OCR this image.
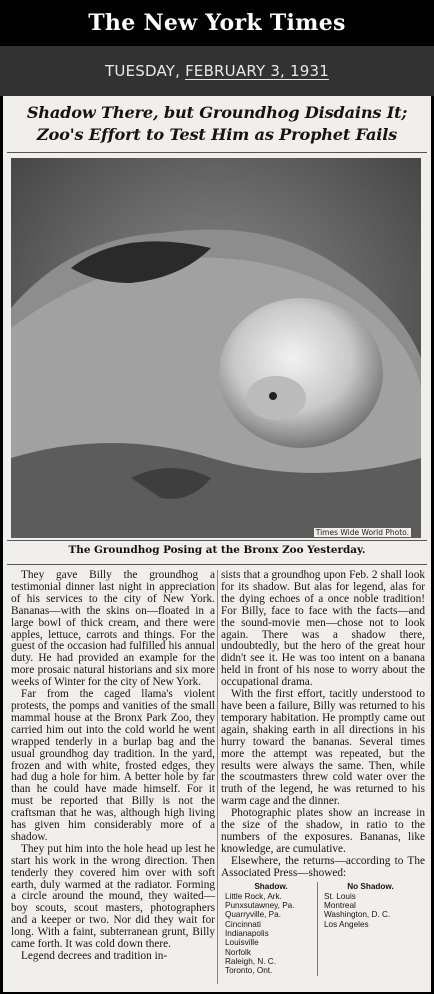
The New York Times
TUESDAY, FEBRUARY 3, 1931
Shadow There, but Groundhog Disdains It;
Zoo's Effort to Test Him as Prophet Fails
Times Wide World Photo.
The Groundhog Posing at the Bronx Zoo Yesterday.

They gave Billy the groundhog a testimonial dinner last night in appreciation of his services to the city of New York. Bananas—with the skins on—floated in a large bowl of thick cream, and there were apples, lettuce, carrots and things. For the guest of the occasion had fulfilled his annual duty. He had provided an example for the more prosaic natural historians and six more weeks of Winter for the city of New York.

Far from the caged llama's violent protests, the pomps and vanities of the small mammal house at the Bronx Park Zoo, they carried him out into the cold world he went wrapped tenderly in a burlap bag and the usual groundhog day tradition. In the yard, frozen and with white, frosted edges, they had dug a hole for him. A better hole by far than he could have made himself. For it must be reported that Billy is not the craftsman that he was, although high living has given him considerably more of a shadow.

They put him into the hole head up lest he start his work in the wrong direction. Then tenderly they covered him over with soft earth, duly warmed at the radiator. Forming a circle around the mound, they waited—boy scouts, scout masters, photographers and a keeper or two. Nor did they wait for long. With a faint, subterranean grunt, Billy came forth. It was cold down there.

Legend decrees and tradition in-

sists that a groundhog upon Feb. 2 shall look for its shadow. But alas for legend, alas for the dying echoes of a once noble tradition! For Billy, face to face with the facts—and the sound-movie men—chose not to look again. There was a shadow there, undoubtedly, but the hero of the great hour didn't see it. He was too intent on a banana held in front of his nose to worry about the occupational drama.

With the first effort, tacitly understood to have been a failure, Billy was returned to his temporary habitation. He promptly came out again, shaking earth in all directions in his hurry toward the bananas. Several times more the attempt was repeated, but the results were always the same. Then, while the scoutmasters threw cold water over the truth of the legend, he was returned to his warm cage and the dinner.

Photographic plates show an increase in the size of the shadow, in ratio to the numbers of the exposures. Bananas, like knowledge, are cumulative.

Elsewhere, the returns—according to The Associated Press—showed:

Shadow.
Little Rock, Ark.
Punxsutawney, Pa.
Quarryville, Pa.
Cincinnati
Indianapolis
Louisville
Norfolk
Raleigh, N. C.
Toronto, Ont.
No Shadow.
St. Louis
Montreal
Washington, D. C.
Los Angeles
